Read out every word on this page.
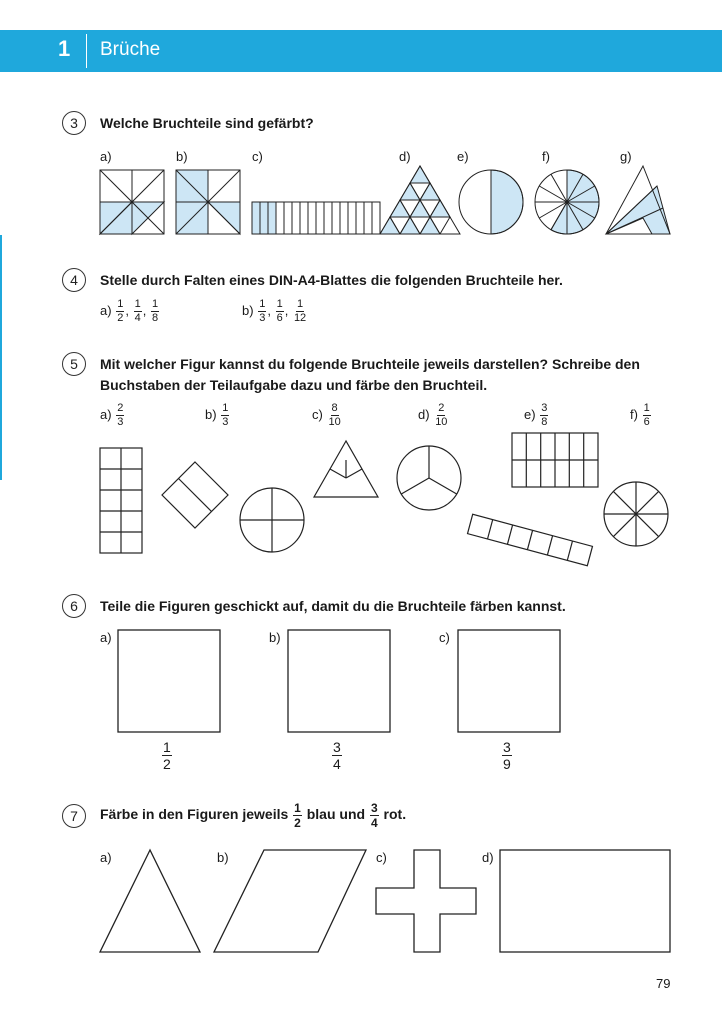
1 Brüche
3	Welche Bruchteile sind gefärbt?
a)	b)	c)	d)	e)	f)	g)
4	Stelle durch Falten eines DIN-A4-Blattes die folgenden Bruchteile her.
$a) \frac{1}{2}$ , $\frac{1}{4}$ , $\frac{1}{8}$	$b) \frac{1}{3}$ , $\frac{1}{6}$ , $\frac{1}{12}$
5	Mit welcher Figur kannst du folgende Bruchteile jeweils darstellen? Schreibe den
Buchstaben der Teilaufgabe dazu und färbe den Bruchteil.
$a) \frac{2}{3}$	$b) \frac{1}{3}$	$c) \frac{8}{10}$	$d) \frac{2}{10}$	$e) \frac{3}{8}$	$f) \frac{1}{6}$
6	Teile die Figuren geschickt auf, damit du die Bruchteile färben kannst.
a)	b)	c)
$\frac{1}{2}$	$\frac{3}{4}$	$\frac{3}{9}$
7	Färbe in den Figuren jeweils $\frac{1}{2}$ blau und $\frac{3}{4}$ rot.
a)	b)	c)	d)
79
